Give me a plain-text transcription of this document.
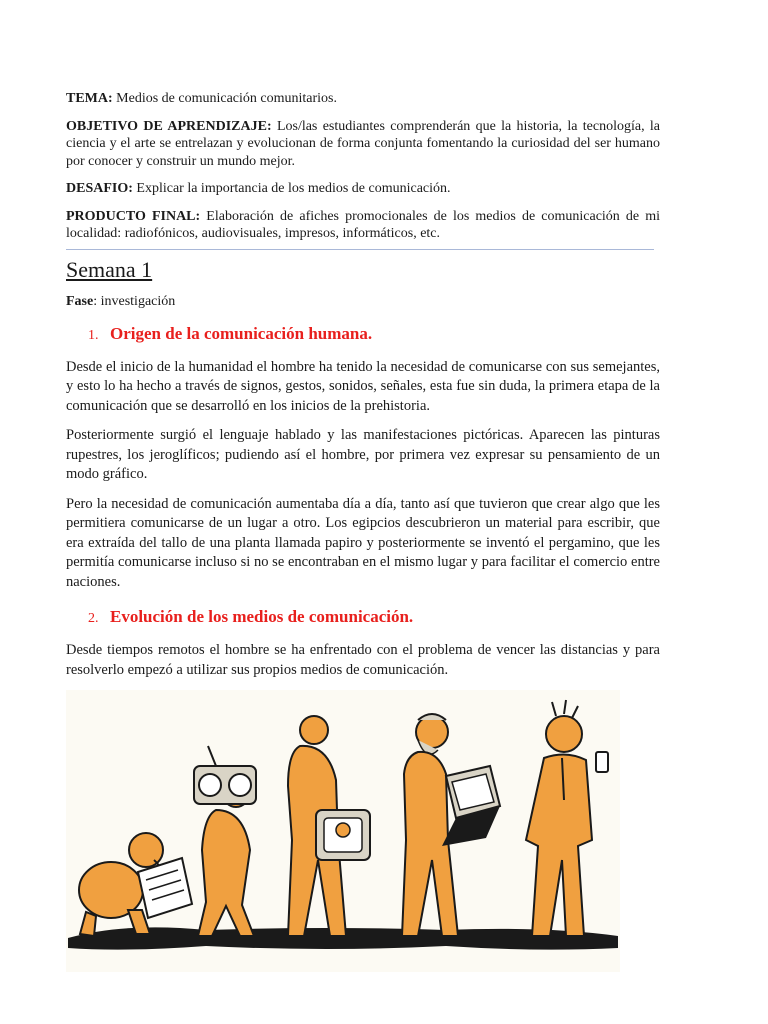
TEMA: Medios de comunicación comunitarios.

OBJETIVO DE APRENDIZAJE: Los/las estudiantes comprenderán que la historia, la tecnología, la ciencia y el arte se entrelazan y evolucionan de forma conjunta fomentando la curiosidad del ser humano por conocer y construir un mundo mejor.

DESAFIO: Explicar la importancia de los medios de comunicación.

PRODUCTO FINAL: Elaboración de afiches promocionales de los medios de comunicación de mi localidad: radiofónicos, audiovisuales, impresos, informáticos, etc.

Semana 1

Fase: investigación

1. Origen de la comunicación humana.

Desde el inicio de la humanidad el hombre ha tenido la necesidad de comunicarse con sus semejantes, y esto lo ha hecho a través de signos, gestos, sonidos, señales, esta fue sin duda, la primera etapa de la comunicación que se desarrolló en los inicios de la prehistoria.

Posteriormente surgió el lenguaje hablado y las manifestaciones pictóricas. Aparecen las pinturas rupestres, los jeroglíficos; pudiendo así el hombre, por primera vez expresar su pensamiento de un modo gráfico.

Pero la necesidad de comunicación aumentaba día a día, tanto así que tuvieron que crear algo que les permitiera comunicarse de un lugar a otro. Los egipcios descubrieron un material para escribir, que era extraída del tallo de una planta llamada papiro y posteriormente se inventó el pergamino, que les permitía comunicarse incluso si no se encontraban en el mismo lugar y para facilitar el comercio entre naciones.

2. Evolución de los medios de comunicación.

Desde tiempos remotos el hombre se ha enfrentado con el problema de vencer las distancias y para resolverlo empezó a utilizar sus propios medios de comunicación.
